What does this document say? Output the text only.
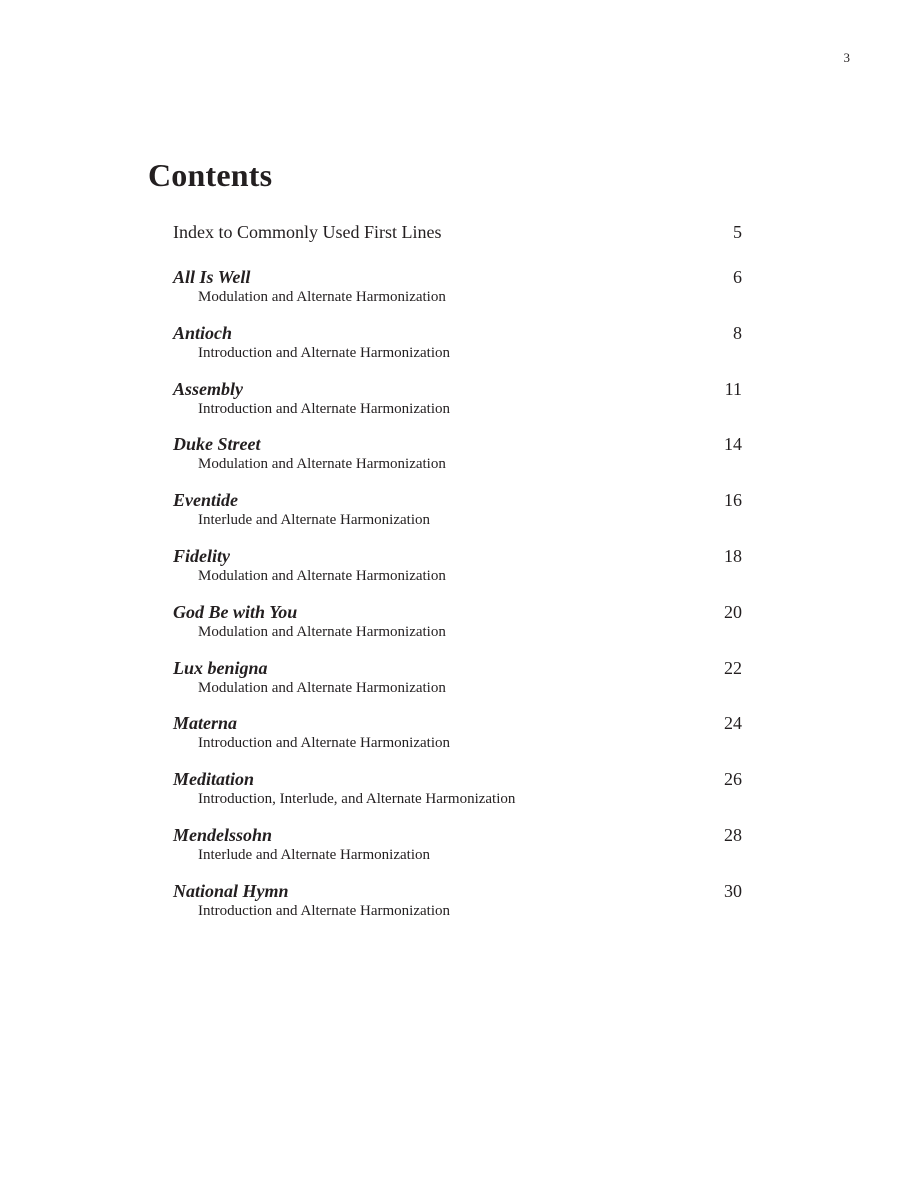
3
Contents
Index to Commonly Used First Lines	5
All Is Well	6
Modulation and Alternate Harmonization
Antioch	8
Introduction and Alternate Harmonization
Assembly	11
Introduction and Alternate Harmonization
Duke Street	14
Modulation and Alternate Harmonization
Eventide	16
Interlude and Alternate Harmonization
Fidelity	18
Modulation and Alternate Harmonization
God Be with You	20
Modulation and Alternate Harmonization
Lux benigna	22
Modulation and Alternate Harmonization
Materna	24
Introduction and Alternate Harmonization
Meditation	26
Introduction, Interlude, and Alternate Harmonization
Mendelssohn	28
Interlude and Alternate Harmonization
National Hymn	30
Introduction and Alternate Harmonization
